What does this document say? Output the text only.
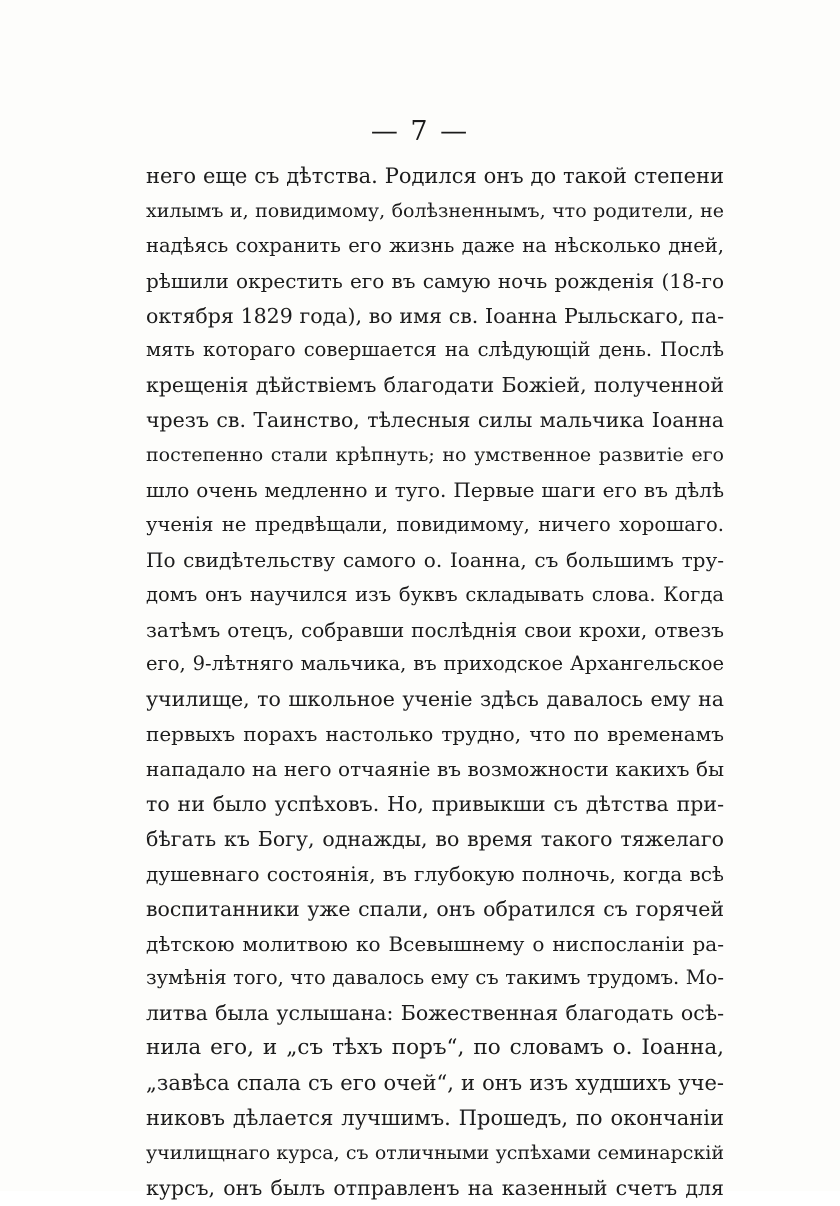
— 7 —
него еще съ дѣтства. Родился онъ до такой степени
хилымъ и, повидимому, болѣзненнымъ, что родители, не
надѣясь сохранить его жизнь даже на нѣсколько дней,
рѣшили окрестить его въ самую ночь рожденія (18-го
октября 1829 года), во имя св. Іоанна Рыльскаго, па-
мять котораго совершается на слѣдующій день. Послѣ
крещенія дѣйствіемъ благодати Божіей, полученной
чрезъ св. Таинство, тѣлесныя силы мальчика Іоанна
постепенно стали крѣпнуть; но умственное развитіе его
шло очень медленно и туго. Первые шаги его въ дѣлѣ
ученія не предвѣщали, повидимому, ничего хорошаго.
По свидѣтельству самого о. Іоанна, съ большимъ тру-
домъ онъ научился изъ буквъ складывать слова. Когда
затѣмъ отецъ, собравши послѣднія свои крохи, отвезъ
его, 9-лѣтняго мальчика, въ приходское Архангельское
училище, то школьное ученіе здѣсь давалось ему на
первыхъ порахъ настолько трудно, что по временамъ
нападало на него отчаяніе въ возможности какихъ бы
то ни было успѣховъ. Но, привыкши съ дѣтства при-
бѣгать къ Богу, однажды, во время такого тяжелаго
душевнаго состоянія, въ глубокую полночь, когда всѣ
воспитанники уже спали, онъ обратился съ горячей
дѣтскою молитвою ко Всевышнему о ниспосланіи ра-
зумѣнія того, что давалось ему съ такимъ трудомъ. Мо-
литва была услышана: Божественная благодать осѣ-
нила его, и „съ тѣхъ поръ“, по словамъ о. Іоанна,
„завѣса спала съ его очей“, и онъ изъ худшихъ уче-
никовъ дѣлается лучшимъ. Прошедъ, по окончаніи
училищнаго курса, съ отличными успѣхами семинарскій
курсъ, онъ былъ отправленъ на казенный счетъ для
